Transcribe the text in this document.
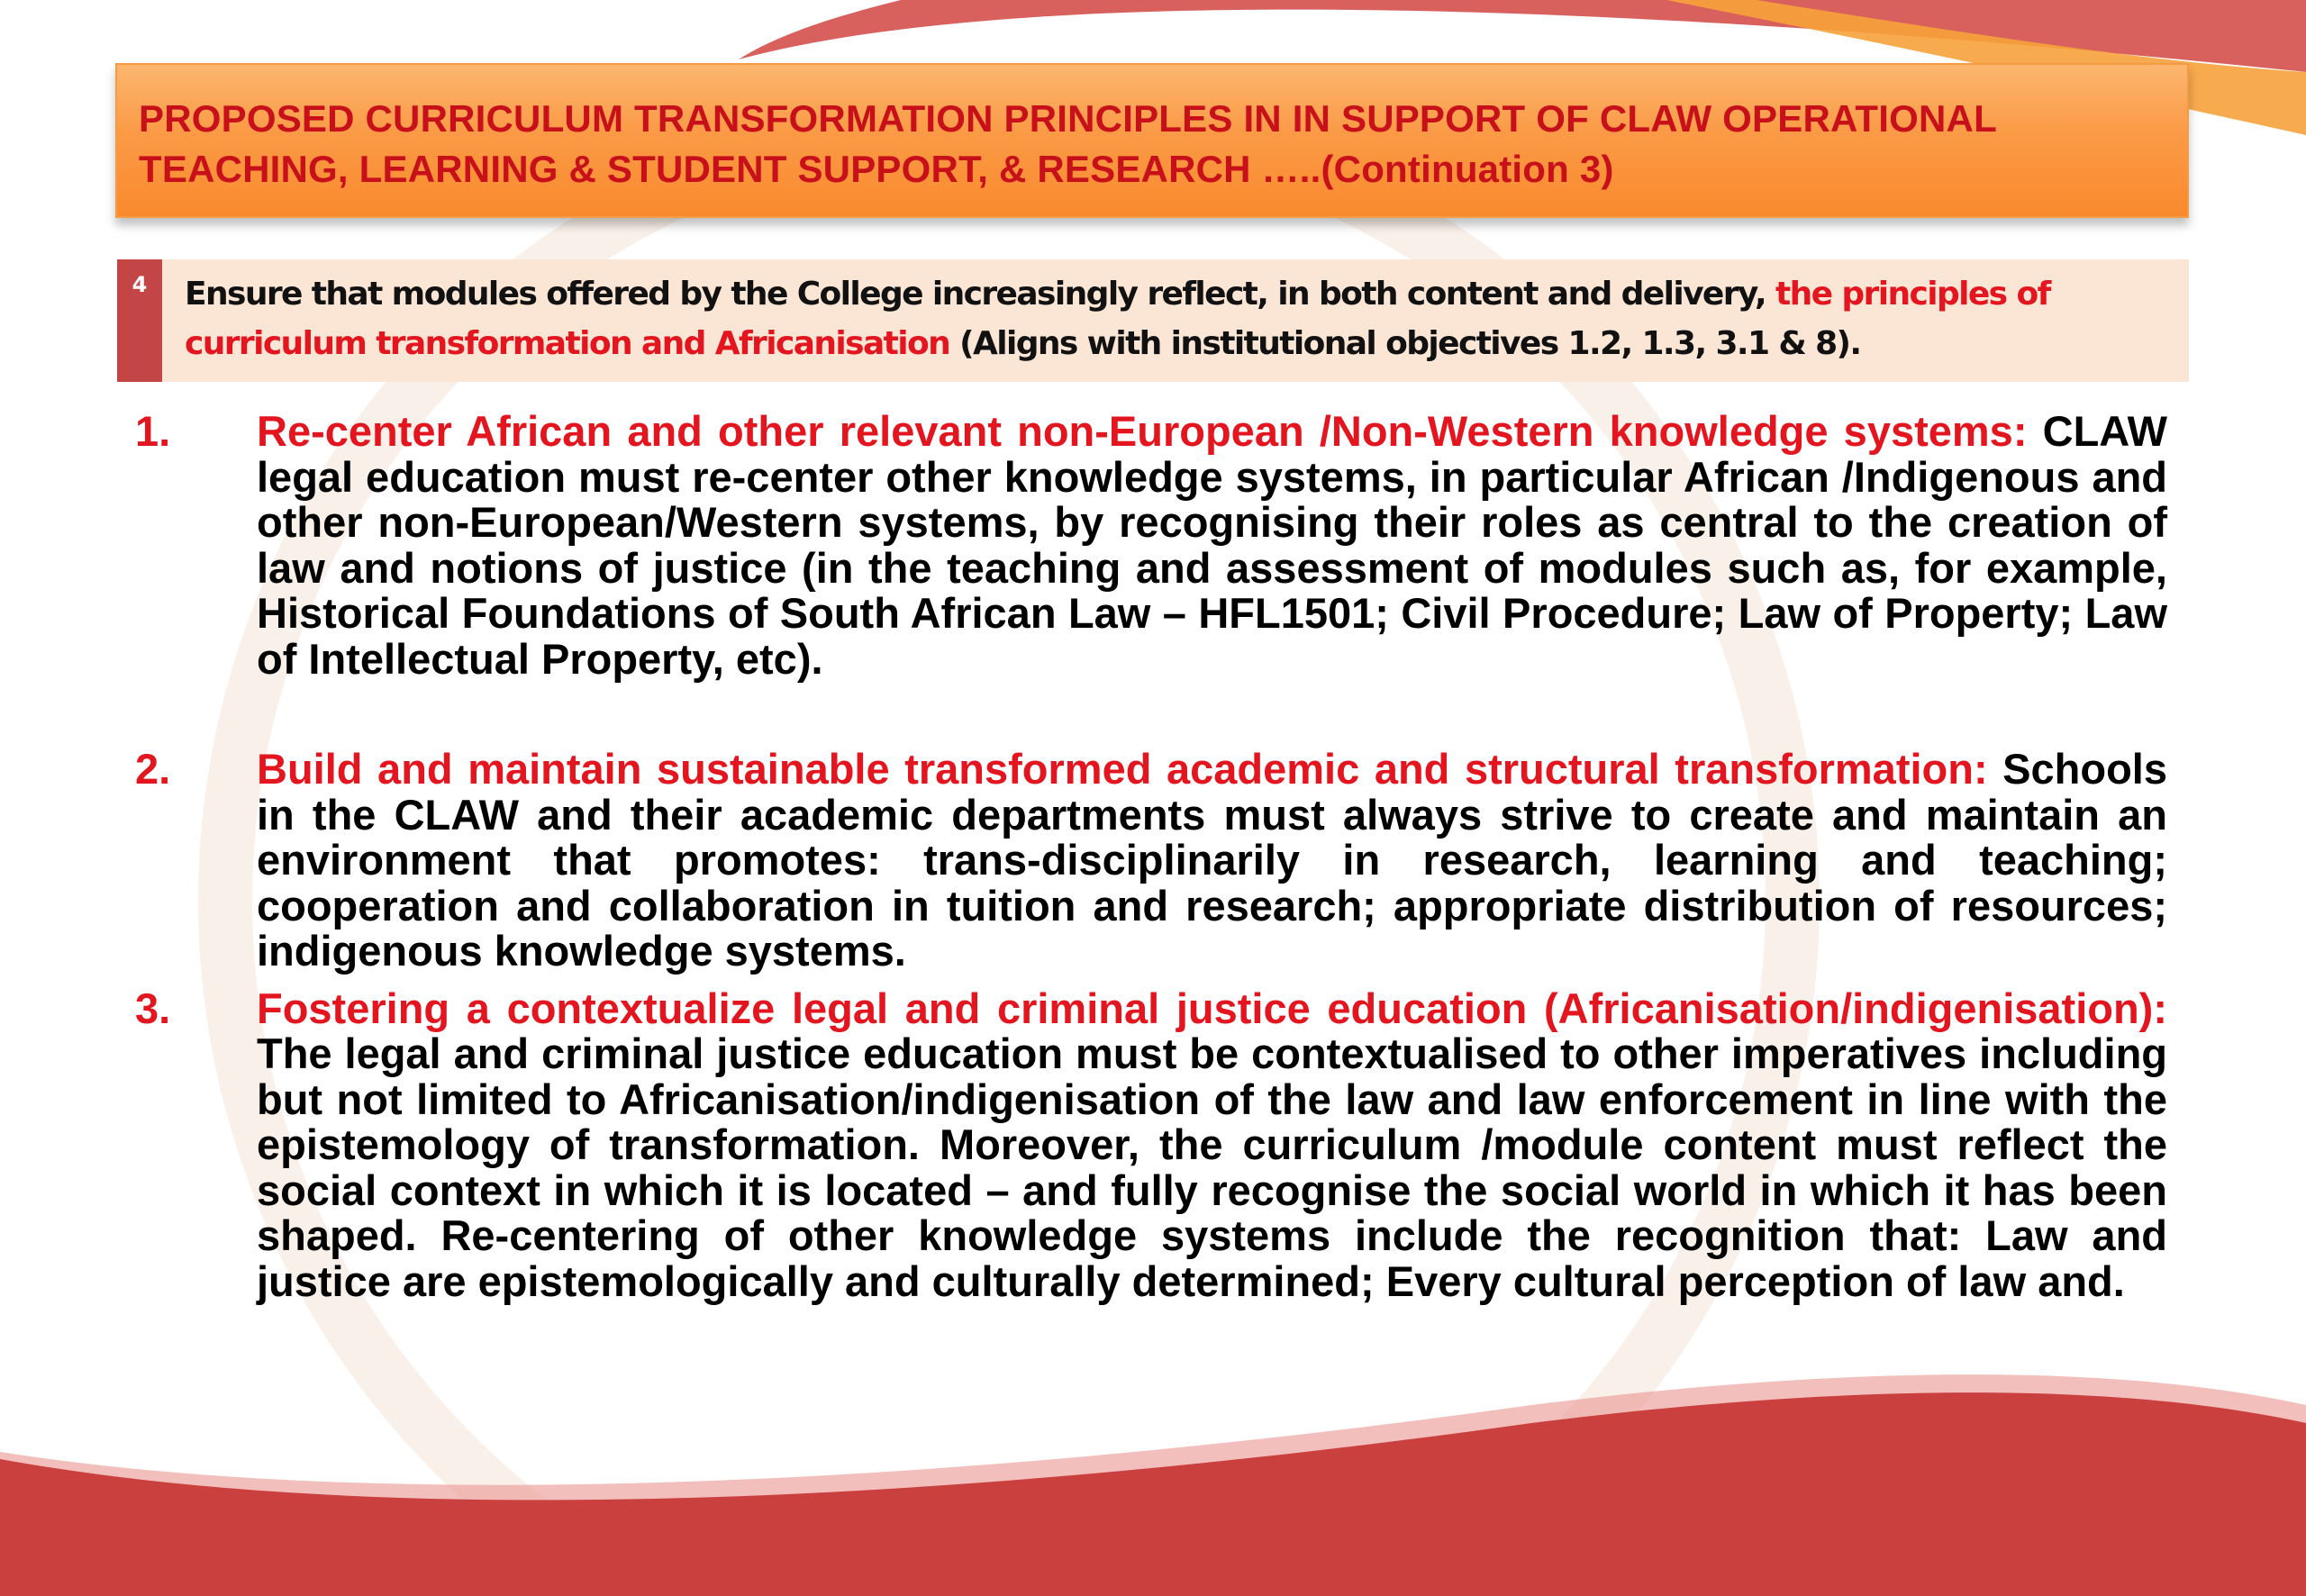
PROPOSED CURRICULUM TRANSFORMATION PRINCIPLES IN IN SUPPORT OF CLAW OPERATIONAL TEACHING, LEARNING & STUDENT SUPPORT, & RESEARCH …..(Continuation 3)

4	Ensure that modules offered by the College increasingly reflect, in both content and delivery, the principles of curriculum transformation and Africanisation (Aligns with institutional objectives 1.2, 1.3, 3.1 & 8).

1. Re-center African and other relevant non-European /Non-Western knowledge systems: CLAW legal education must re-center other knowledge systems, in particular African /Indigenous and other non-European/Western systems, by recognising their roles as central to the creation of law and notions of justice (in the teaching and assessment of modules such as, for example, Historical Foundations of South African Law – HFL1501; Civil Procedure; Law of Property; Law of Intellectual Property, etc).

2. Build and maintain sustainable transformed academic and structural transformation: Schools in the CLAW and their academic departments must always strive to create and maintain an environment that promotes: trans-disciplinarily in research, learning and teaching; cooperation and collaboration in tuition and research; appropriate distribution of resources; indigenous knowledge systems.

3. Fostering a contextualize legal and criminal justice education (Africanisation/indigenisation): The legal and criminal justice education must be contextualised to other imperatives including but not limited to Africanisation/indigenisation of the law and law enforcement in line with the epistemology of transformation. Moreover, the curriculum /module content must reflect the social context in which it is located – and fully recognise the social world in which it has been shaped. Re-centering of other knowledge systems include the recognition that: Law and justice are epistemologically and culturally determined; Every cultural perception of law and.
